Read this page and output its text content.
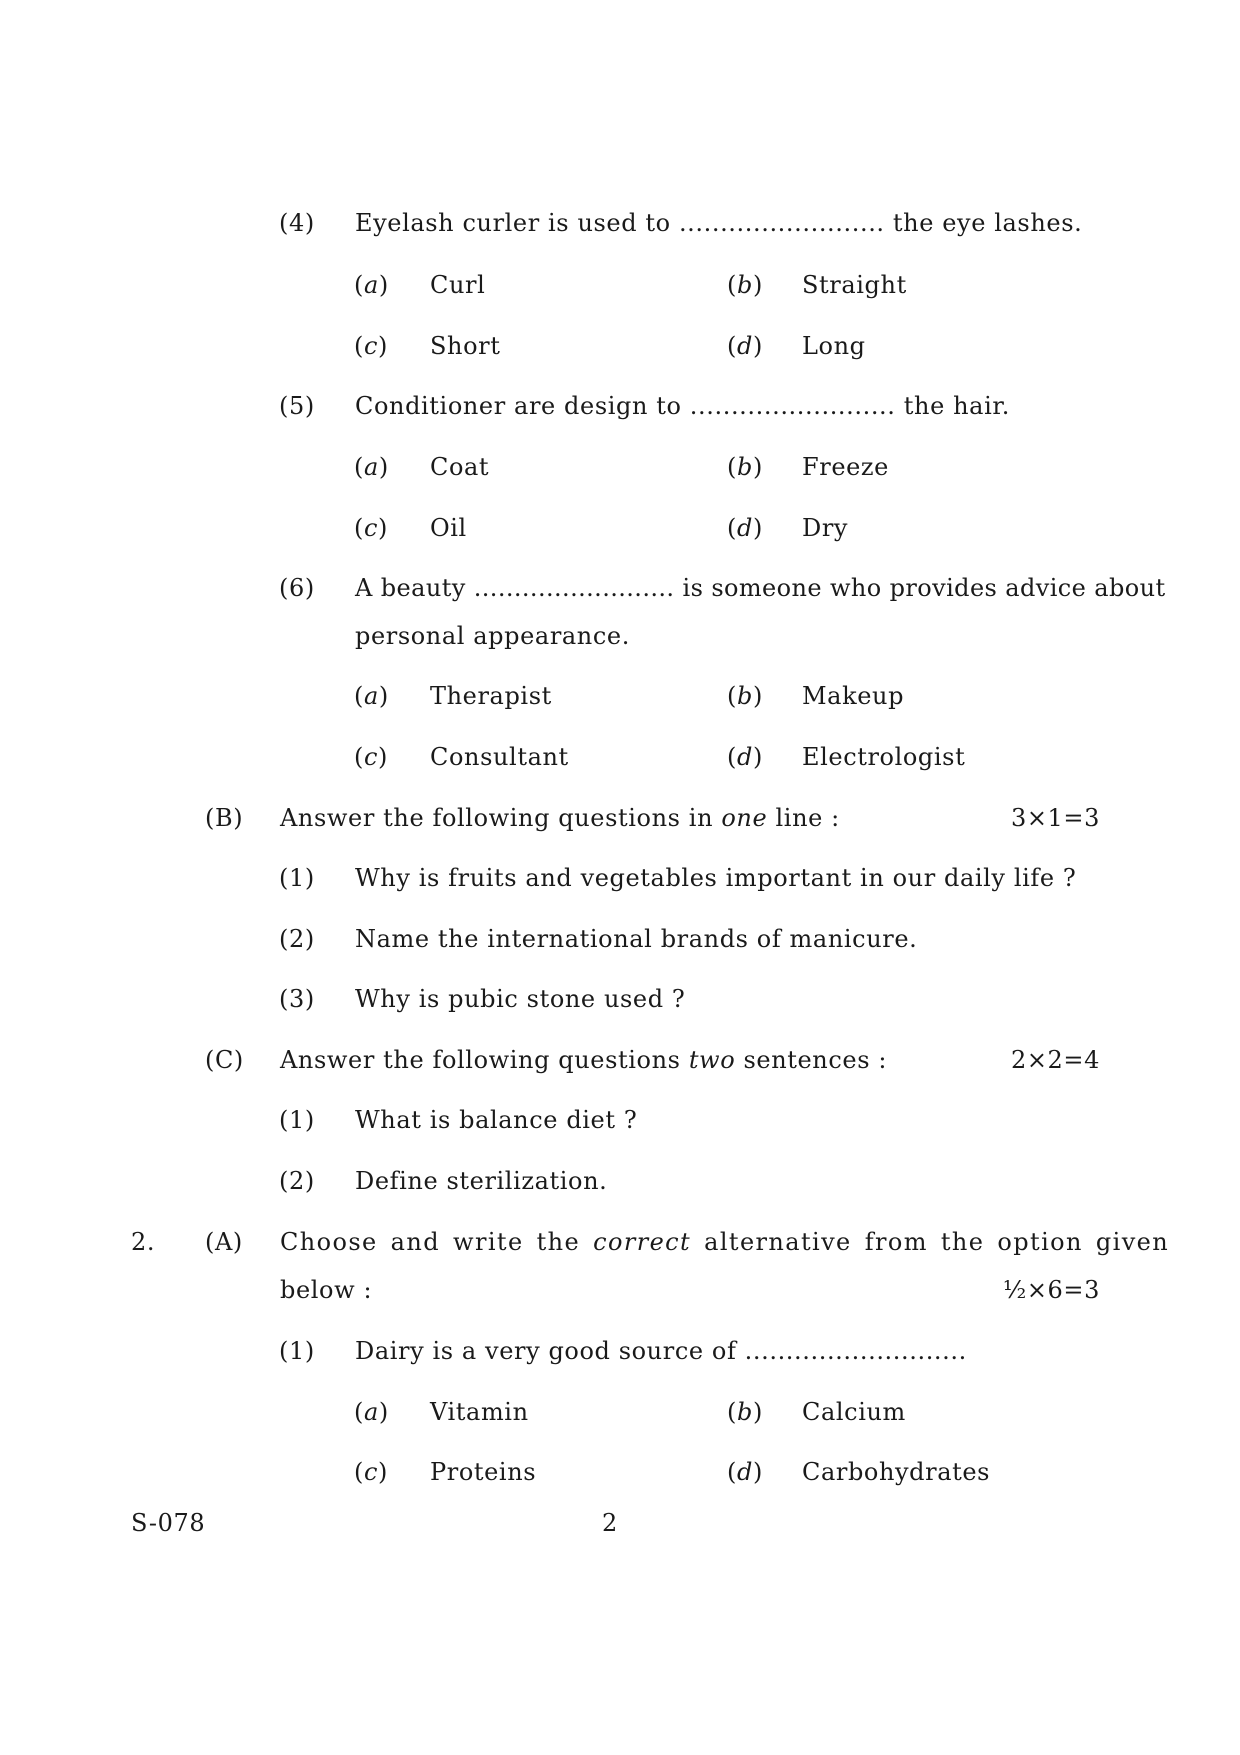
(4) Eyelash curler is used to ......................... the eye lashes.
(a) Curl	(b) Straight
(c) Short	(d) Long
(5) Conditioner are design to ......................... the hair.
(a) Coat	(b) Freeze
(c) Oil	(d) Dry
(6) A beauty ......................... is someone who provides advice about
personal appearance.
(a) Therapist	(b) Makeup
(c) Consultant	(d) Electrologist
(B) Answer the following questions in one line :	3×1=3
(1) Why is fruits and vegetables important in our daily life ?
(2) Name the international brands of manicure.
(3) Why is pubic stone used ?
(C) Answer the following questions two sentences :	2×2=4
(1) What is balance diet ?
(2) Define sterilization.
2. (A) Choose and write the correct alternative from the option given
below :	½×6=3
(1) Dairy is a very good source of ...........................
(a) Vitamin	(b) Calcium
(c) Proteins	(d) Carbohydrates
S-078	2
